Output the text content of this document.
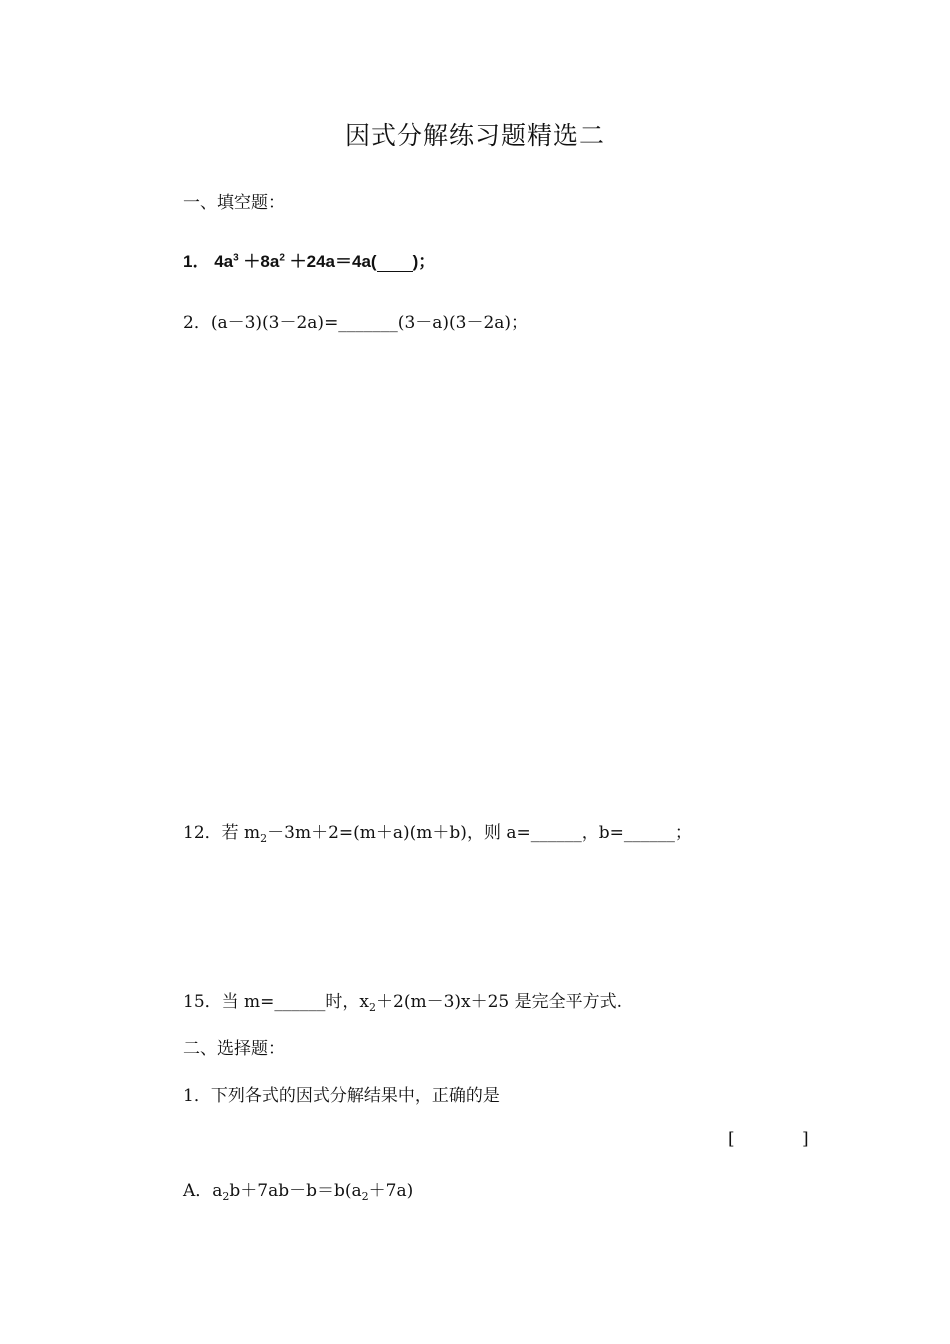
因式分解练习题精选二
一、填空题：
1． $4a^3 +8a^2 +24a=4a$( )；
2．(a－3)(3－2a)=_______(3－a)(3－2a)；
12．若 $m_2-3m+2=(m+a)(m+b)$，则 a=______，b=______；
15．当 m=______时，$x_2+2(m-3)x+25$ 是完全平方式.
二、选择题：
1．下列各式的因式分解结果中，正确的是
[	]
A．$a_2b+7ab-b=b(a_2+7a)$
